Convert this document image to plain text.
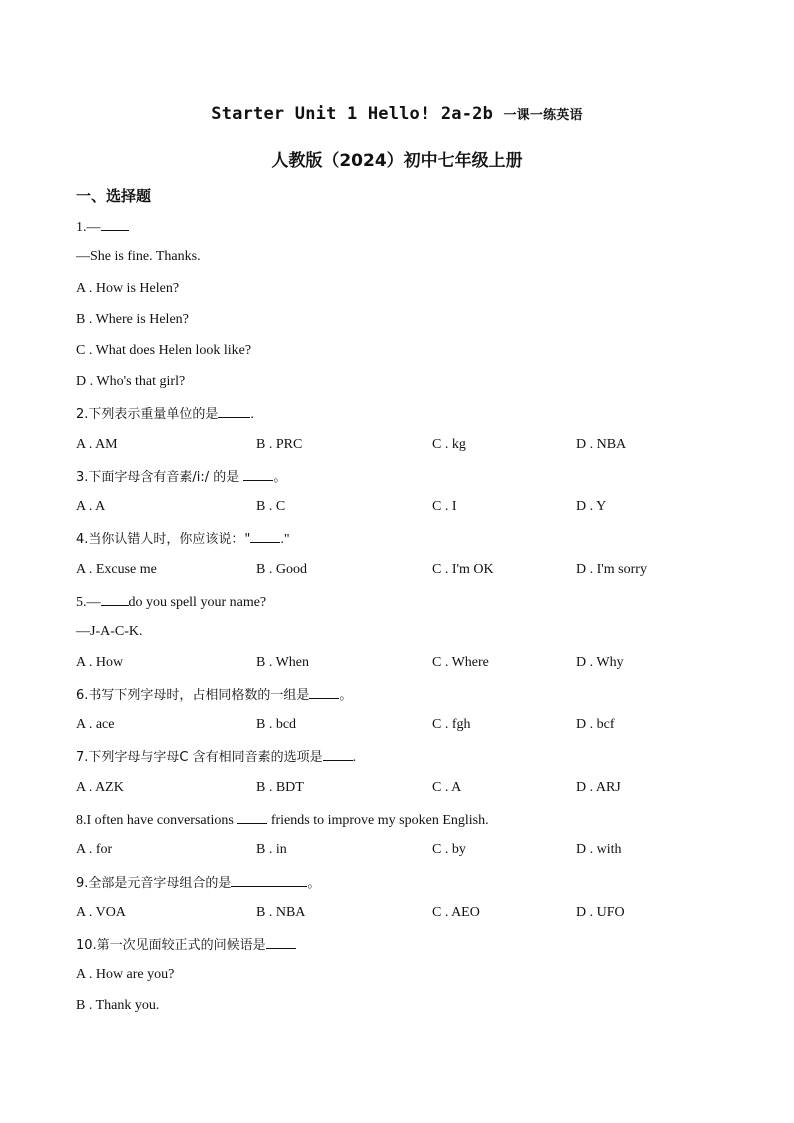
Starter Unit 1 Hello! 2a-2b 一课一练英语
人教版（2024）初中七年级上册
一、选择题
1.—
—She is fine. Thanks.
A . How is Helen?
B . Where is Helen?
C . What does Helen look like?
D . Who's that girl?
2.下列表示重量单位的是 .
A . AM	B . PRC	C . kg	D . NBA
3.下面字母含有音素/i:/ 的是 。
A . A	B . C	C . I	D . Y
4.当你认错人时，你应该说：" ."
A . Excuse me	B . Good	C . I'm OK	D . I'm sorry
5.— do you spell your name?
—J-A-C-K.
A . How	B . When	C . Where	D . Why
6.书写下列字母时，占相同格数的一组是 。
A . ace	B . bcd	C . fgh	D . bcf
7.下列字母与字母C 含有相同音素的选项是 .
A . AZK	B . BDT	C . A	D . ARJ
8.I often have conversations  friends to improve my spoken English.
A . for	B . in	C . by	D . with
9.全部是元音字母组合的是	。
A . VOA	B . NBA	C . AEO	D . UFO
10.第一次见面较正式的问候语是
A . How are you?
B . Thank you.
